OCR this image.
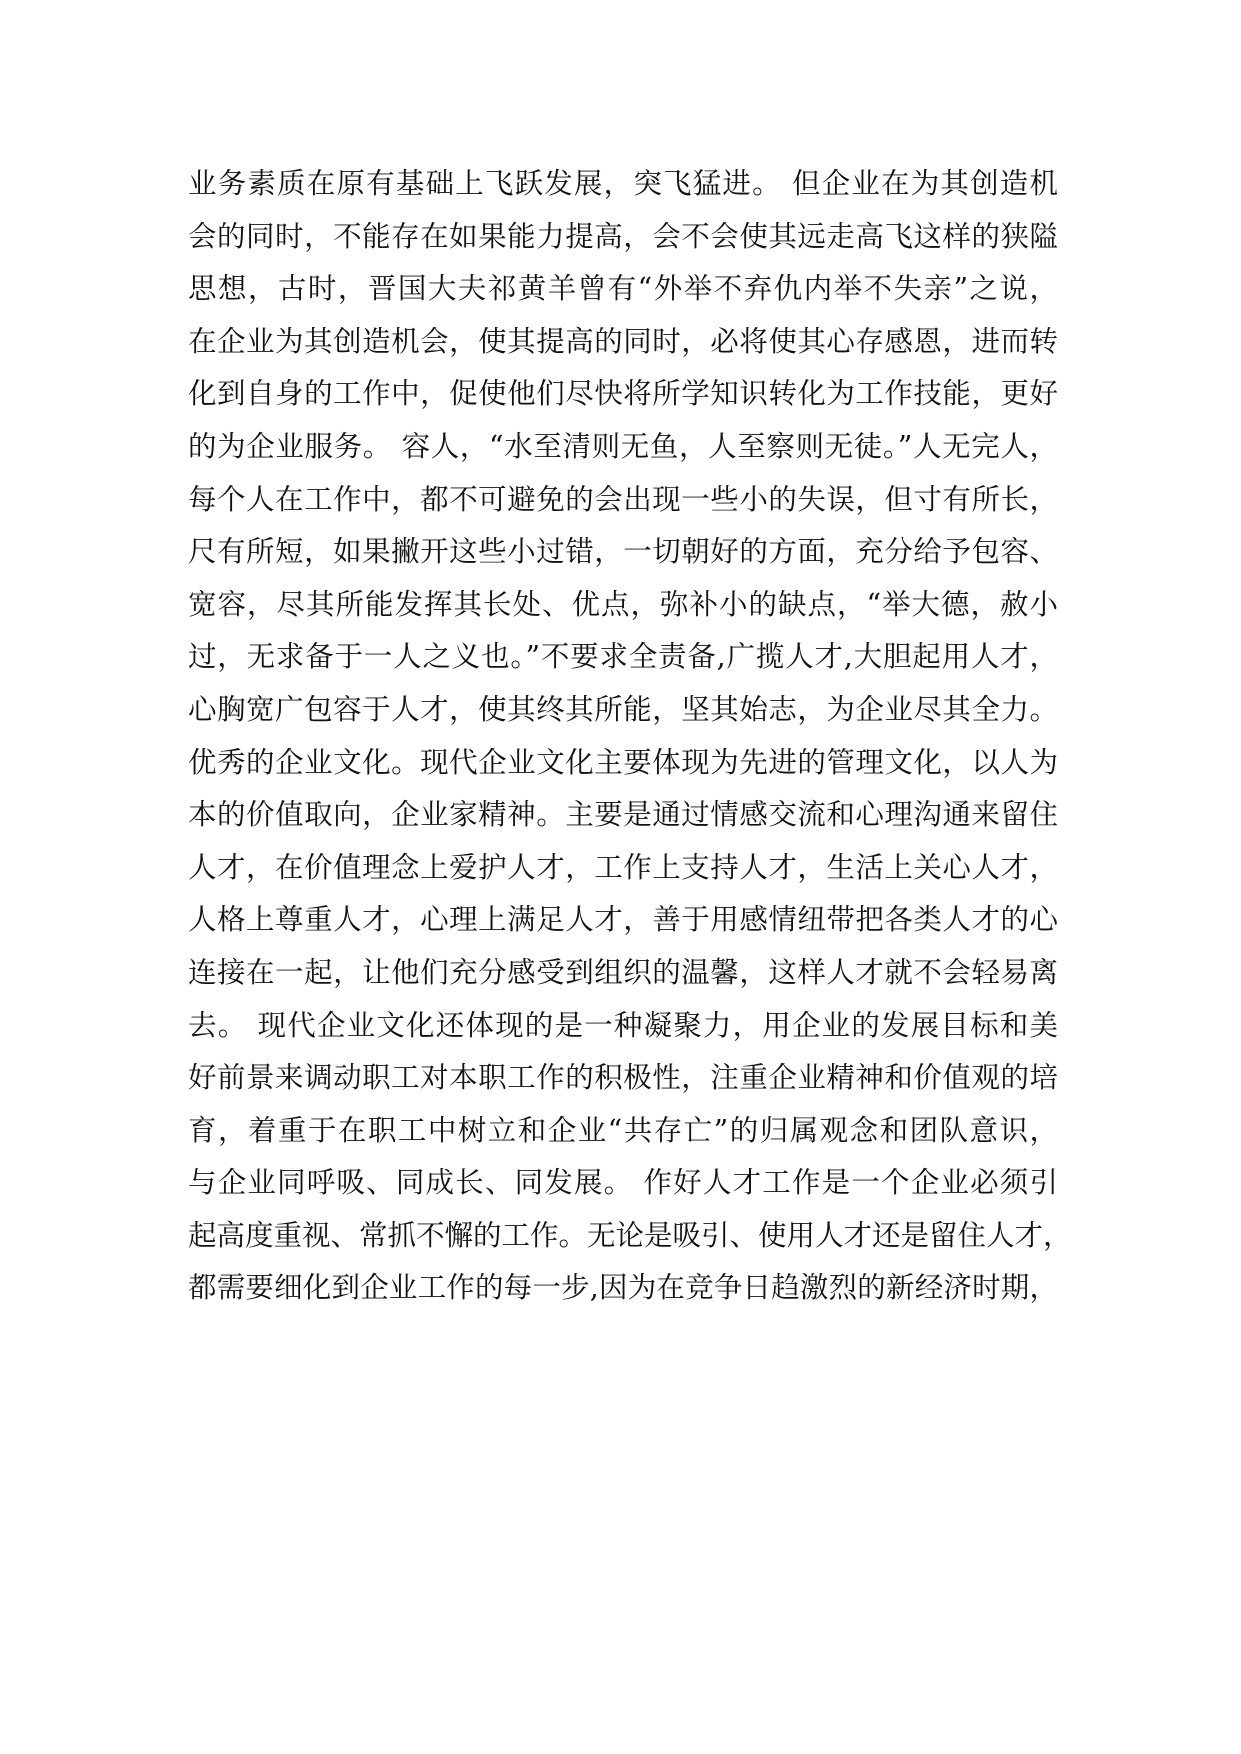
业务素质在原有基础上飞跃发展，突飞猛进。 但企业在为其创造机
会的同时，不能存在如果能力提高，会不会使其远走高飞这样的狭隘
思想，古时，晋国大夫祁黄羊曾有“外举不弃仇内举不失亲”之说，
在企业为其创造机会，使其提高的同时，必将使其心存感恩，进而转
化到自身的工作中，促使他们尽快将所学知识转化为工作技能，更好
的为企业服务。 容人，“水至清则无鱼，人至察则无徒。”人无完人，
每个人在工作中，都不可避免的会出现一些小的失误，但寸有所长，
尺有所短，如果撇开这些小过错，一切朝好的方面，充分给予包容、
宽容，尽其所能发挥其长处、优点，弥补小的缺点，“举大德，赦小
过，无求备于一人之义也。”不要求全责备,广揽人才,大胆起用人才，
心胸宽广包容于人才，使其终其所能，坚其始志，为企业尽其全力。
优秀的企业文化。现代企业文化主要体现为先进的管理文化，以人为
本的价值取向，企业家精神。主要是通过情感交流和心理沟通来留住
人才，在价值理念上爱护人才，工作上支持人才，生活上关心人才，
人格上尊重人才，心理上满足人才，善于用感情纽带把各类人才的心
连接在一起，让他们充分感受到组织的温馨，这样人才就不会轻易离
去。 现代企业文化还体现的是一种凝聚力，用企业的发展目标和美
好前景来调动职工对本职工作的积极性，注重企业精神和价值观的培
育，着重于在职工中树立和企业“共存亡”的归属观念和团队意识，
与企业同呼吸、同成长、同发展。 作好人才工作是一个企业必须引
起高度重视、常抓不懈的工作。无论是吸引、使用人才还是留住人才，
都需要细化到企业工作的每一步,因为在竞争日趋激烈的新经济时期，
